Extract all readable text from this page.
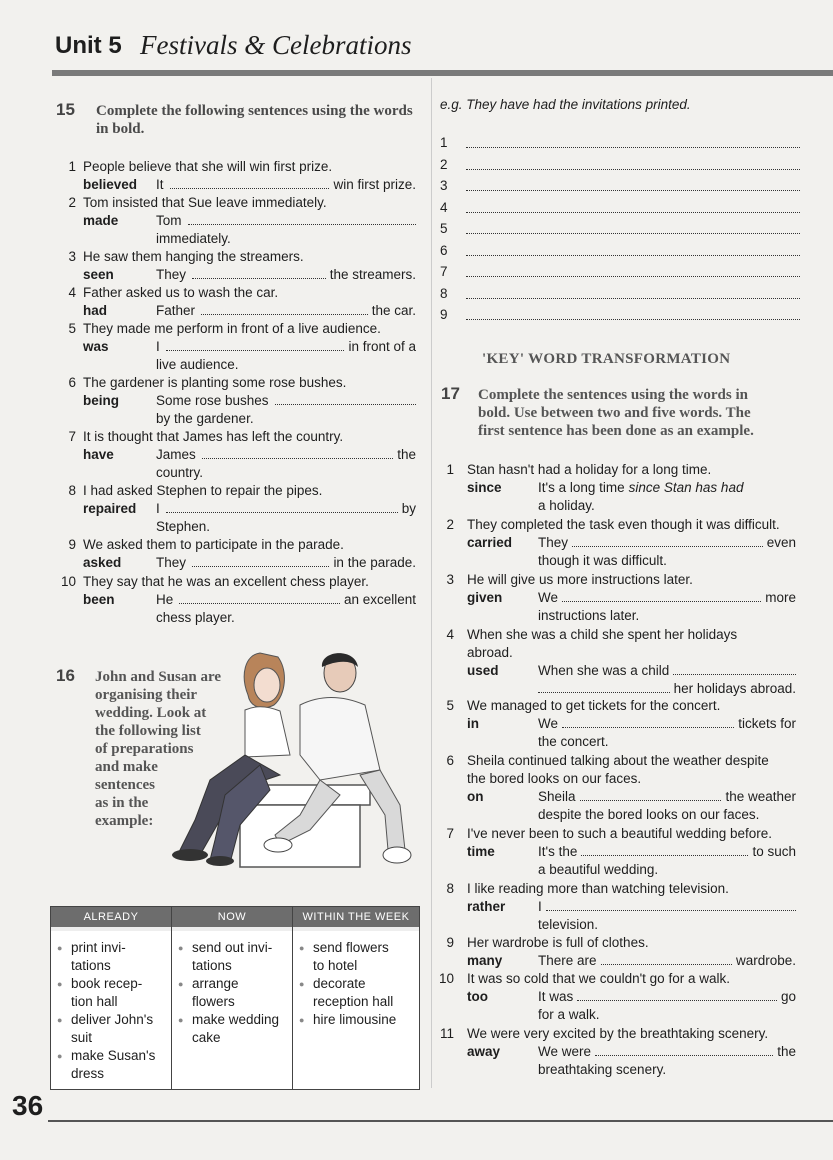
Unit 5 Festivals & Celebrations
15 Complete the following sentences using the words in bold.
1 People believe that she will win first prize.
believed It	win first prize.
2 Tom insisted that Sue leave immediately.
made	Tom
immediately.
3 He saw them hanging the streamers.
seen	They	the streamers.
4 Father asked us to wash the car.
had	Father	the car.
5 They made me perform in front of a live audience.
was	I	in front of a
live audience.
6 The gardener is planting some rose bushes.
being	Some rose bushes
by the gardener.
7 It is thought that James has left the country.
have	James	the
country.
8 I had asked Stephen to repair the pipes.
repaired I	by
Stephen.
9 We asked them to participate in the parade.
asked	They	in the parade.
10 They say that he was an excellent chess player.
been	He	an excellent
chess player.
16 John and Susan are
organising their
wedding. Look at
the following list
of preparations
and make
sentences
as in the
example:
ALREADY
● print invi-
tations
● book recep-
tion hall
● deliver John's
suit
● make Susan's
dress
NOW
● send out invi-
tations
● arrange
flowers
● make wedding
cake
WITHIN THE WEEK
● send flowers
to hotel
● decorate
reception hall
● hire limousine
e.g. They have had the invitations printed.
1
2
3
4
5
6
7
8
9
'KEY' WORD TRANSFORMATION
17 Complete the sentences using the words in
bold. Use between two and five words. The
first sentence has been done as an example.
1 Stan hasn't had a holiday for a long time.
since	It's a long time since Stan has had
a holiday.
2 They completed the task even though it was difficult.
carried They	even
though it was difficult.
3 He will give us more instructions later.
given	We	more
instructions later.
4 When she was a child she spent her holidays
abroad.
used	When she was a child
her holidays abroad.
5 We managed to get tickets for the concert.
in	We	tickets for
the concert.
6 Sheila continued talking about the weather despite
the bored looks on our faces.
on	Sheila	the weather
despite the bored looks on our faces.
7 I've never been to such a beautiful wedding before.
time	It's the	to such
a beautiful wedding.
8 I like reading more than watching television.
rather I
television.
9 Her wardrobe is full of clothes.
many	There are	wardrobe.
10 It was so cold that we couldn't go for a walk.
too	It was	go
for a walk.
11 We were very excited by the breathtaking scenery.
away	We were	the
breathtaking scenery.
36
